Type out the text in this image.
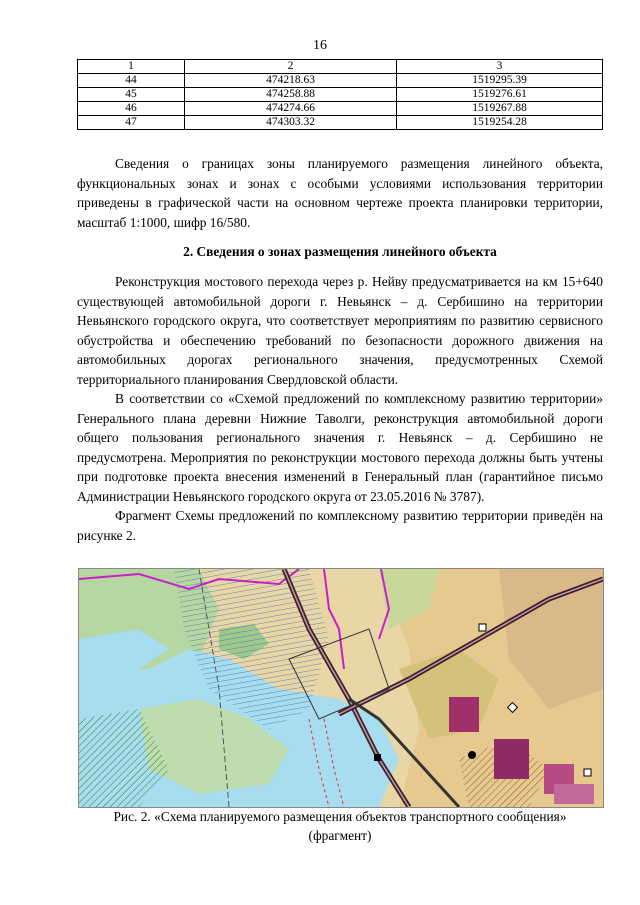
16
1	2	3
44	474218.63	1519295.39
45	474258.88	1519276.61
46	474274.66	1519267.88
47	474303.32	1519254.28

Сведения о границах зоны планируемого размещения линейного объекта, функциональных зонах и зонах с особыми условиями использования территории приведены в графической части на основном чертеже проекта планировки территории, масштаб 1:1000, шифр 16/580.

2. Сведения о зонах размещения линейного объекта

Реконструкция мостового перехода через р. Нейву предусматривается на км 15+640 существующей автомобильной дороги г. Невьянск – д. Сербишино на территории Невьянского городского округа, что соответствует мероприятиям по развитию сервисного обустройства и обеспечению требований по безопасности дорожного движения на автомобильных дорогах регионального значения, предусмотренных Схемой территориального планирования Свердловской области.

В соответствии со «Схемой предложений по комплексному развитию территории» Генерального плана деревни Нижние Таволги, реконструкция автомобильной дороги общего пользования регионального значения г. Невьянск – д. Сербишино не предусмотрена. Мероприятия по реконструкции мостового перехода должны быть учтены при подготовке проекта внесения изменений в Генеральный план (гарантийное письмо Администрации Невьянского городского округа от 23.05.2016 № 3787).

Фрагмент Схемы предложений по комплексному развитию территории приведён на рисунке 2.

Рис. 2. «Схема планируемого размещения объектов транспортного сообщения»
(фрагмент)
